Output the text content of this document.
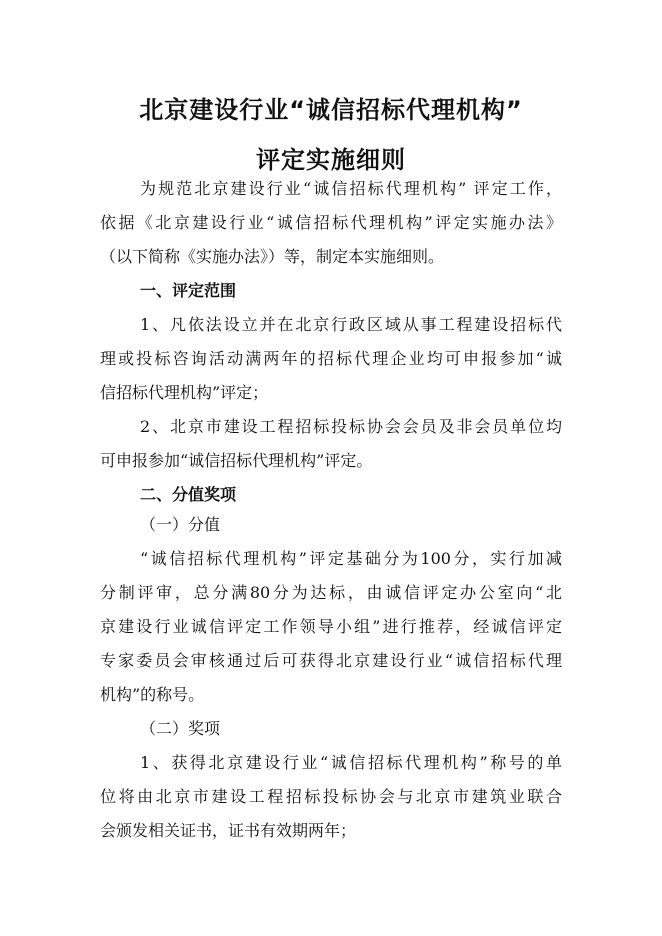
北京建设行业“诚信招标代理机构”
评定实施细则
为规范北京建设行业“诚信招标代理机构” 评定工作，
依据《北京建设行业“诚信招标代理机构”评定实施办法》
（以下简称《实施办法》）等，制定本实施细则。
一、评定范围
1、凡依法设立并在北京行政区域从事工程建设招标代
理或投标咨询活动满两年的招标代理企业均可申报参加“诚
信招标代理机构”评定；
2、北京市建设工程招标投标协会会员及非会员单位均
可申报参加“诚信招标代理机构”评定。
二、分值奖项
（一）分值
“诚信招标代理机构”评定基础分为100分，实行加减
分制评审，总分满80分为达标，由诚信评定办公室向“北
京建设行业诚信评定工作领导小组”进行推荐，经诚信评定
专家委员会审核通过后可获得北京建设行业“诚信招标代理
机构”的称号。
（二）奖项
1、获得北京建设行业“诚信招标代理机构”称号的单
位将由北京市建设工程招标投标协会与北京市建筑业联合
会颁发相关证书，证书有效期两年；
